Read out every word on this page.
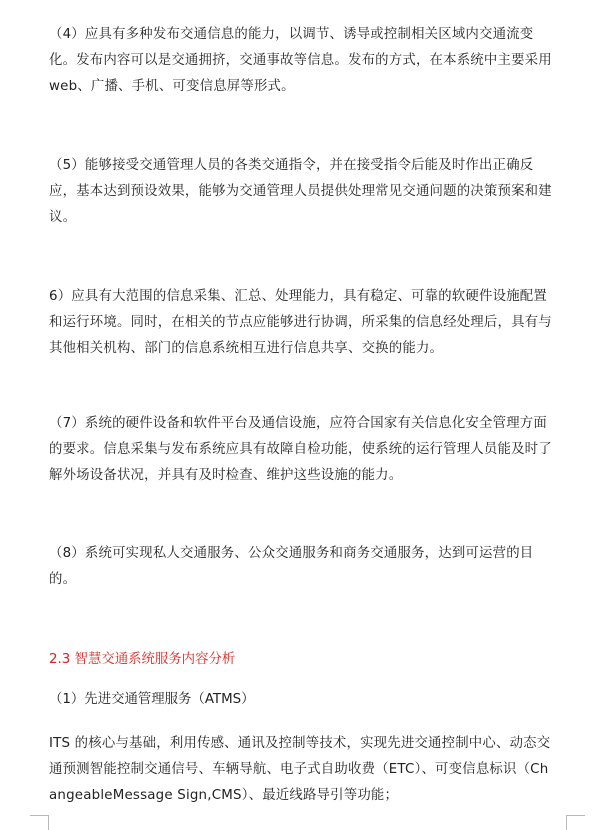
（4）应具有多种发布交通信息的能力，以调节、诱导或控制相关区域内交通流变化。发布内容可以是交通拥挤，交通事故等信息。发布的方式，在本系统中主要采用 web、广播、手机、可变信息屏等形式。

（5）能够接受交通管理人员的各类交通指令，并在接受指令后能及时作出正确反应，基本达到预设效果，能够为交通管理人员提供处理常见交通问题的决策预案和建议。

6）应具有大范围的信息采集、汇总、处理能力，具有稳定、可靠的软硬件设施配置和运行环境。同时，在相关的节点应能够进行协调，所采集的信息经处理后，具有与其他相关机构、部门的信息系统相互进行信息共享、交换的能力。

（7）系统的硬件设备和软件平台及通信设施，应符合国家有关信息化安全管理方面的要求。信息采集与发布系统应具有故障自检功能，使系统的运行管理人员能及时了解外场设备状况，并具有及时检查、维护这些设施的能力。

（8）系统可实现私人交通服务、公众交通服务和商务交通服务，达到可运营的目的。

2.3 智慧交通系统服务内容分析

（1）先进交通管理服务（ATMS）

ITS 的核心与基础，利用传感、通讯及控制等技术，实现先进交通控制中心、动态交通预测智能控制交通信号、车辆导航、电子式自助收费（ETC）、可变信息标识（ChangeableMessage Sign,CMS）、最近线路导引等功能；
